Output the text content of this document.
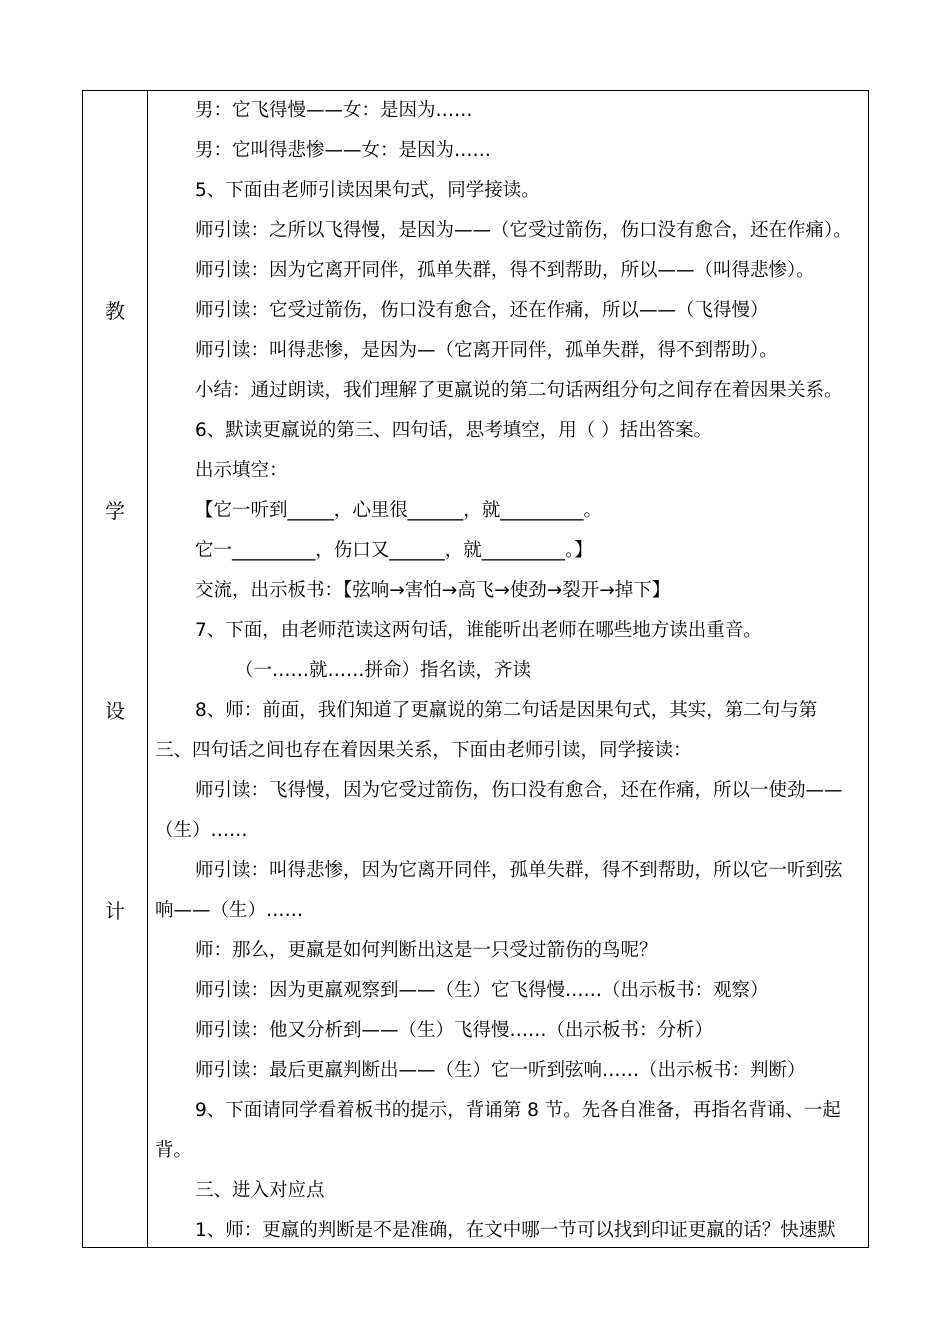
教
学
设
计
男：它飞得慢——女：是因为……
男：它叫得悲惨——女：是因为……
5、下面由老师引读因果句式，同学接读。
师引读：之所以飞得慢，是因为——（它受过箭伤，伤口没有愈合，还在作痛）。
师引读：因为它离开同伴，孤单失群，得不到帮助，所以——（叫得悲惨）。
师引读：它受过箭伤，伤口没有愈合，还在作痛，所以——（飞得慢）
师引读：叫得悲惨，是因为—（它离开同伴，孤单失群，得不到帮助）。
小结：通过朗读，我们理解了更羸说的第二句话两组分句之间存在着因果关系。
6、默读更羸说的第三、四句话，思考填空，用（ ）括出答案。
出示填空：
【它一听到_____，心里很______，就_________。
它一_________，伤口又______，就_________。】
交流，出示板书：【弦响→害怕→高飞→使劲→裂开→掉下】
7、下面，由老师范读这两句话，谁能听出老师在哪些地方读出重音。
（一……就……拼命）指名读，齐读
8、师：前面，我们知道了更羸说的第二句话是因果句式，其实，第二句与第
三、四句话之间也存在着因果关系，下面由老师引读，同学接读：
师引读：飞得慢，因为它受过箭伤，伤口没有愈合，还在作痛，所以一使劲——
（生）……
师引读：叫得悲惨，因为它离开同伴，孤单失群，得不到帮助，所以它一听到弦
响——（生）……
师：那么，更羸是如何判断出这是一只受过箭伤的鸟呢？
师引读：因为更羸观察到——（生）它飞得慢……（出示板书：观察）
师引读：他又分析到——（生）飞得慢……（出示板书：分析）
师引读：最后更羸判断出——（生）它一听到弦响……（出示板书：判断）
9、下面请同学看着板书的提示，背诵第 8 节。先各自准备，再指名背诵、一起
背。
三、进入对应点
1、师：更羸的判断是不是准确，在文中哪一节可以找到印证更羸的话？快速默
